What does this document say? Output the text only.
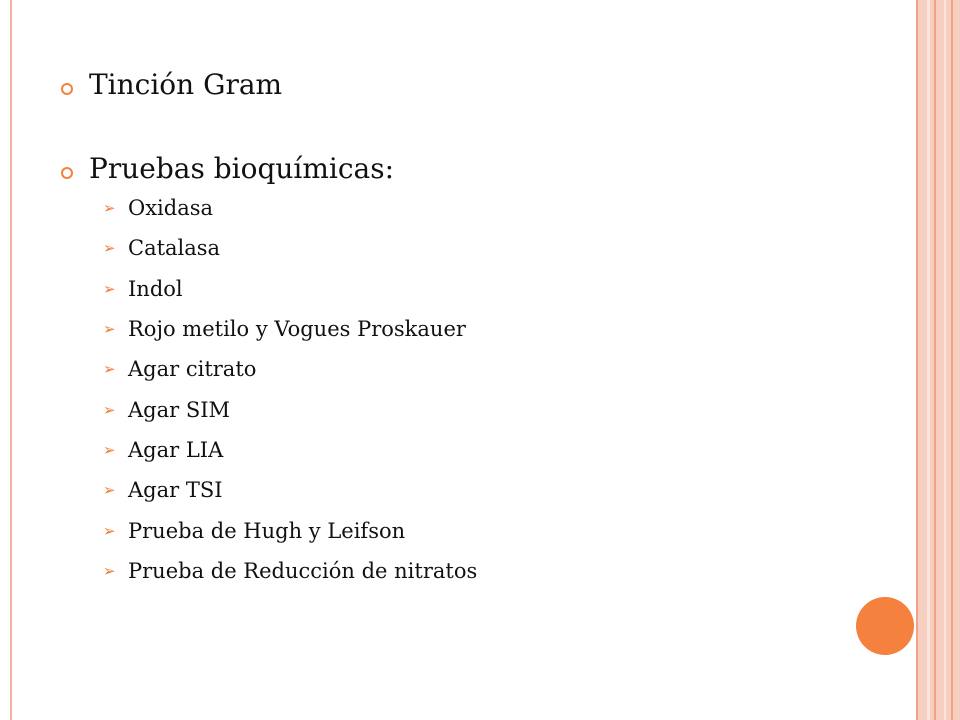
Tinción Gram
Pruebas bioquímicas:
➢ Oxidasa
➢ Catalasa
➢ Indol
➢ Rojo metilo y Vogues Proskauer
➢ Agar citrato
➢ Agar SIM
➢ Agar LIA
➢ Agar TSI
➢ Prueba de Hugh y Leifson
➢ Prueba de Reducción de nitratos
